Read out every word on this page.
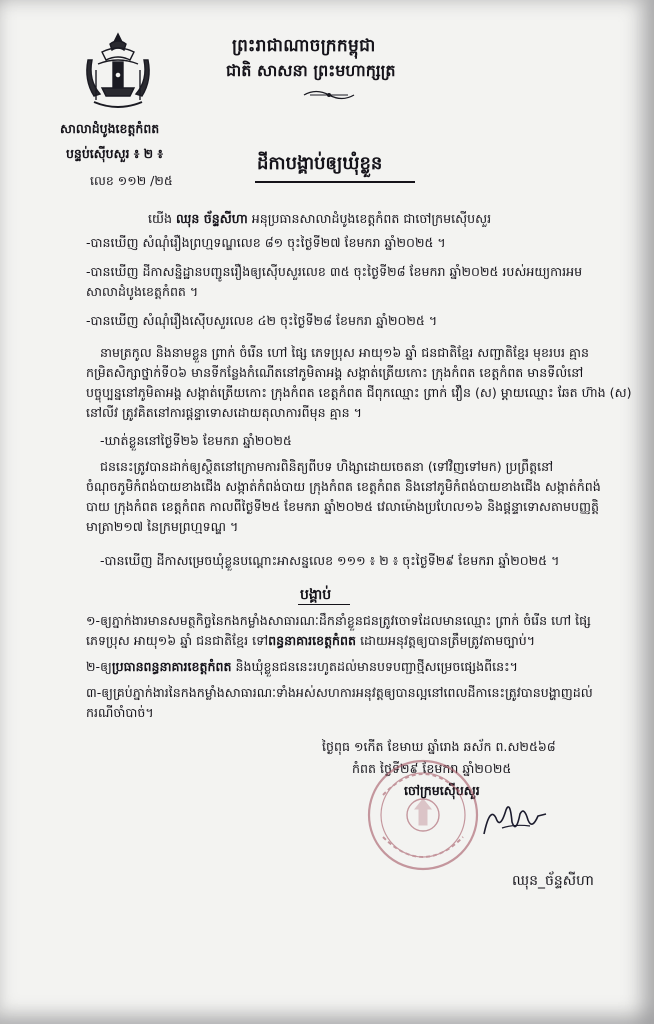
ព្រះរាជាណាចក្រកម្ពុជា
ជាតិ សាសនា ព្រះមហាក្សត្រ
សាលាដំបូងខេត្តកំពត
បន្ទប់ស៊ើបសួរ ៖ ២ ៖
លេខ ១១២ /២៥
ដីកាបង្គាប់ឲ្យឃុំខ្លួន
យើង ឈុន ច័ន្ទសីហា អនុប្រធានសាលាដំបូងខេត្តកំពត ជាចៅក្រមស៊ើបសួរ
-បានឃើញ សំណុំរឿងព្រហ្មទណ្ឌលេខ ៨១ ចុះថ្ងៃទី២៧ ខែមករា ឆ្នាំ២០២៥ ។
-បានឃើញ ដីកាសន្និដ្ឋានបញ្ជូនរឿងឲ្យស៊ើបសួរលេខ ៣៥ ចុះថ្ងៃទី២៨ ខែមករា ឆ្នាំ២០២៥ របស់អយ្យការអម
សាលាដំបូងខេត្តកំពត ។
-បានឃើញ សំណុំរឿងស៊ើបសួរលេខ ៤២ ចុះថ្ងៃទី២៨ ខែមករា ឆ្នាំ២០២៥ ។
នាមត្រកូល និងនាមខ្លួន ព្រាក់ ចំរើន ហៅ ផៃ្ស ភេទប្រុស អាយុ១៦ ឆ្នាំ ជនជាតិខ្មែរ សញ្ជាតិខ្មែរ មុខរបរ គ្មាន
កម្រិតសិក្សាថ្នាក់ទី០៦ មានទីកន្លែងកំណើតនៅភូមិតាអង្គ សង្កាត់ត្រើយកោះ ក្រុងកំពត ខេត្តកំពត មានទីលំនៅ
បច្ចុប្បន្ននៅភូមិតាអង្គ សង្កាត់ត្រើយកោះ ក្រុងកំពត ខេត្តកំពត ជីពុកឈ្មោះ ព្រាក់ វឿន (ស) ម្តាយឈ្មោះ ឆែត ហ៊ាង (ស)
នៅលីវ ត្រូវគិតនៅការផ្តន្ទាទោសដោយតុលាការពីមុន គ្មាន ។
-ឃាត់ខ្លួននៅថ្ងៃទី២៦ ខែមករា ឆ្នាំ២០២៥
ជននេះត្រូវបានដាក់ឲ្យស្ថិតនៅក្រោមការពិនិត្យពីបទ ហិង្សាដោយចេតនា (ទៅវិញទៅមក) ប្រព្រឹត្តនៅ
ចំណុចភូមិកំពង់បាយខាងជើង សង្កាត់កំពង់បាយ ក្រុងកំពត ខេត្តកំពត និងនៅភូមិកំពង់បាយខាងជើង សង្កាត់កំពង់
បាយ ក្រុងកំពត ខេត្តកំពត កាលពីថ្ងៃទី២៥ ខែមករា ឆ្នាំ២០២៥ វេលាម៉ោងប្រហែល១៦ និងផ្តន្ទាទោសតាមបញ្ញត្តិ
មាត្រា២១៧ នៃក្រមព្រហ្មទណ្ឌ ។
-បានឃើញ ដីកាសម្រេចឃុំខ្លួនបណ្តោះអាសន្នលេខ ១១១ ៖ ២ ៖ ចុះថ្ងៃទី២៩ ខែមករា ឆ្នាំ២០២៥ ។
បង្គាប់
១-ឲ្យភ្នាក់ងារមានសមត្ថកិច្ចនៃកងកម្លាំងសាធារណៈដឹកនាំខ្លួនជនត្រូវចោទដែលមានឈ្មោះ ព្រាក់ ចំរើន ហៅ ផៃ្ស
ភេទប្រុស អាយុ១៦ ឆ្នាំ ជនជាតិខ្មែរ ទៅពន្ធនាគារខេត្តកំពត ដោយអនុវត្តឲ្យបានត្រឹមត្រូវតាមច្បាប់។
២-ឲ្យប្រធានពន្ធនាគារខេត្តកំពត និងឃុំខ្លួនជននេះរហូតដល់មានបទបញ្ជាថ្មីសម្រេចផ្សេងពីនេះ។
៣-ឲ្យគ្រប់ភ្នាក់ងារនៃកងកម្លាំងសាធារណៈទាំងអស់សហការអនុវត្តឲ្យបានល្អនៅពេលដីកានេះត្រូវបានបង្ហាញដល់
ករណីចាំបាច់។
ថ្ងៃពុធ ១កើត ខែមាឃ ឆ្នាំរោង ឆស័ក ព.ស២៥៦៨
កំពត ថ្ងៃទី២៩ ខែមករា ឆ្នាំ២០២៥
ចៅក្រមស៊ើបសួរ
ឈុន_ច័ន្ទសីហា
